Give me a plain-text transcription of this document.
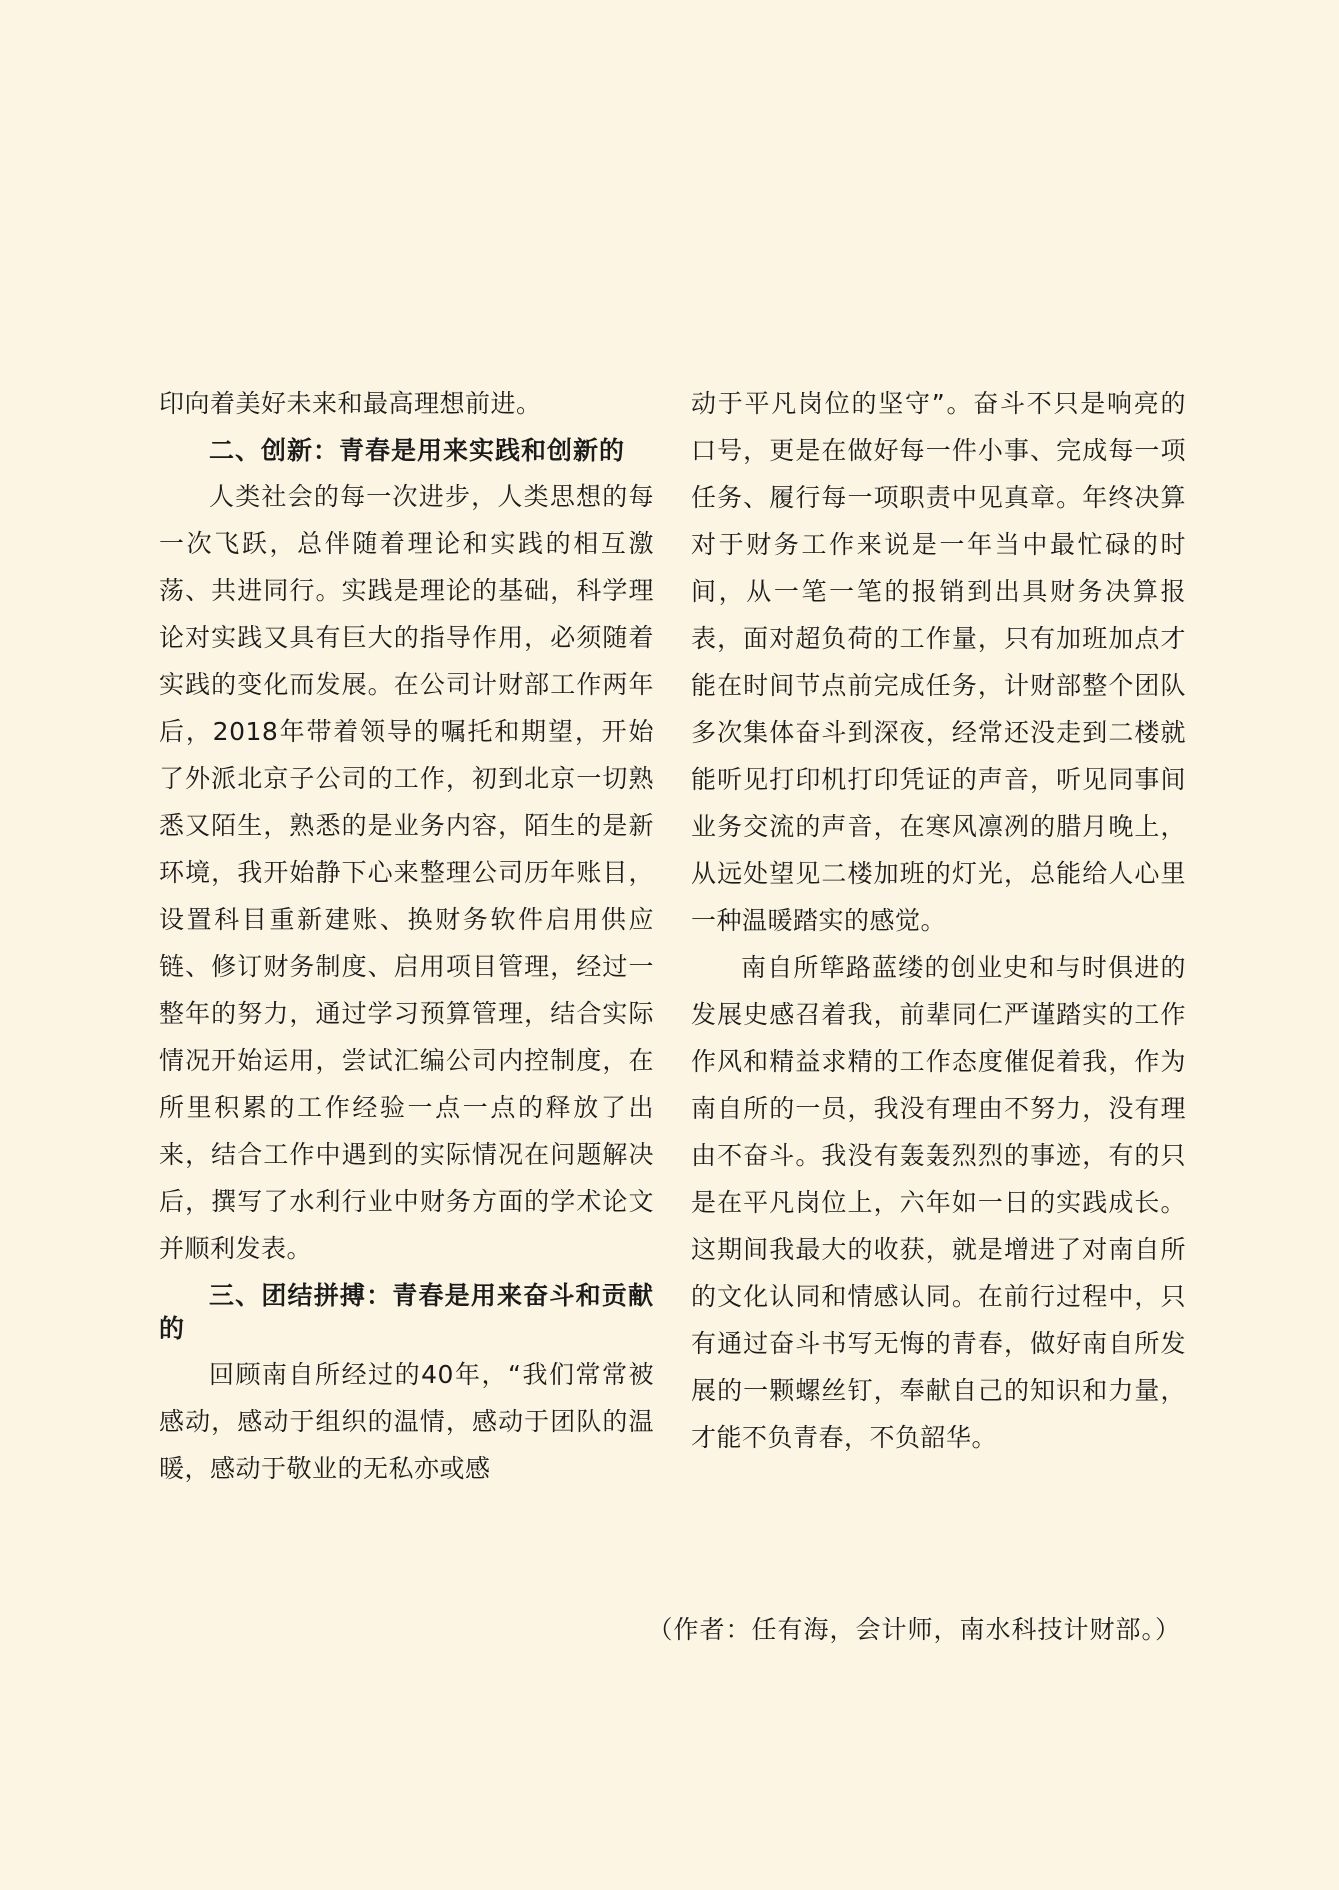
印向着美好未来和最高理想前进。

二、创新：青春是用来实践和创新的

人类社会的每一次进步，人类思想的每一次飞跃，总伴随着理论和实践的相互激荡、共进同行。实践是理论的基础，科学理论对实践又具有巨大的指导作用，必须随着实践的变化而发展。在公司计财部工作两年后，2018年带着领导的嘱托和期望，开始了外派北京子公司的工作，初到北京一切熟悉又陌生，熟悉的是业务内容，陌生的是新环境，我开始静下心来整理公司历年账目，设置科目重新建账、换财务软件启用供应链、修订财务制度、启用项目管理，经过一整年的努力，通过学习预算管理，结合实际情况开始运用，尝试汇编公司内控制度，在所里积累的工作经验一点一点的释放了出来，结合工作中遇到的实际情况在问题解决后，撰写了水利行业中财务方面的学术论文并顺利发表。

三、团结拼搏：青春是用来奋斗和贡献的

回顾南自所经过的40年，“我们常常被感动，感动于组织的温情，感动于团队的温暖，感动于敬业的无私亦或感

动于平凡岗位的坚守”。奋斗不只是响亮的口号，更是在做好每一件小事、完成每一项任务、履行每一项职责中见真章。年终决算对于财务工作来说是一年当中最忙碌的时间，从一笔一笔的报销到出具财务决算报表，面对超负荷的工作量，只有加班加点才能在时间节点前完成任务，计财部整个团队多次集体奋斗到深夜，经常还没走到二楼就能听见打印机打印凭证的声音，听见同事间业务交流的声音，在寒风凛冽的腊月晚上，从远处望见二楼加班的灯光，总能给人心里一种温暖踏实的感觉。

南自所筚路蓝缕的创业史和与时俱进的发展史感召着我，前辈同仁严谨踏实的工作作风和精益求精的工作态度催促着我，作为南自所的一员，我没有理由不努力，没有理由不奋斗。我没有轰轰烈烈的事迹，有的只是在平凡岗位上，六年如一日的实践成长。这期间我最大的收获，就是增进了对南自所的文化认同和情感认同。在前行过程中，只有通过奋斗书写无悔的青春，做好南自所发展的一颗螺丝钉，奉献自己的知识和力量，才能不负青春，不负韶华。

（作者：任有海，会计师，南水科技计财部。）
